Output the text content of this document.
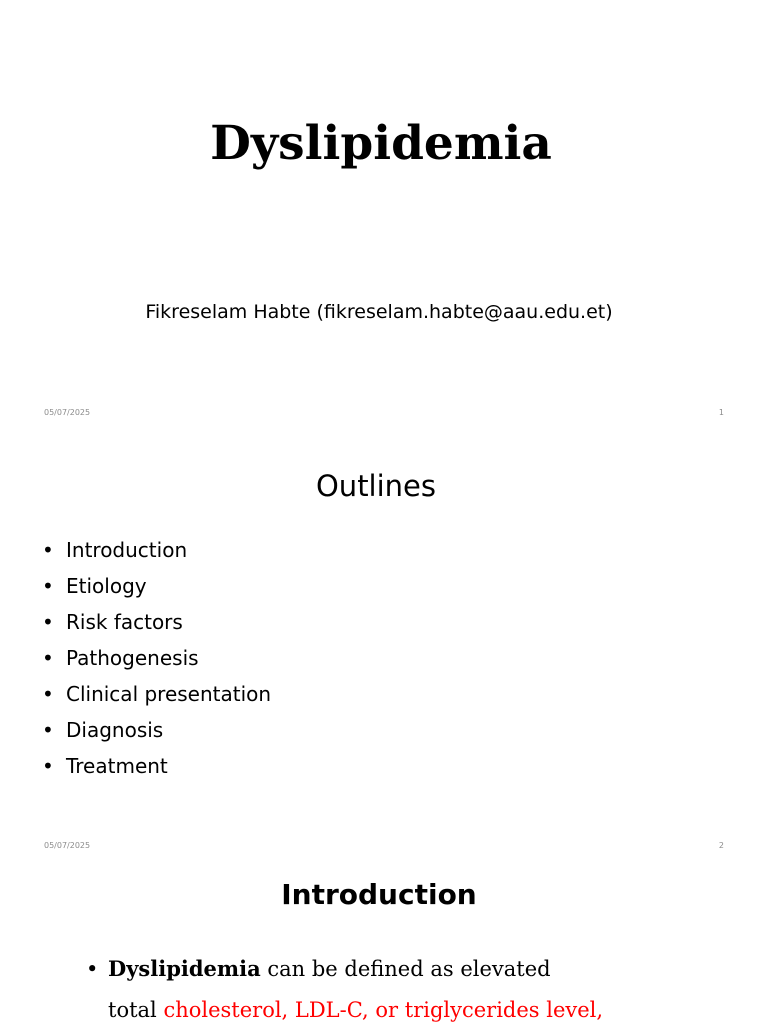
Dyslipidemia
Fikreselam Habte (fikreselam.habte@aau.edu.et)
05/07/2025	1
Outlines
• Introduction
• Etiology
• Risk factors
• Pathogenesis
• Clinical presentation
• Diagnosis
• Treatment
05/07/2025	2
Introduction
• Dyslipidemia can be defined as elevated
total cholesterol, LDL-C, or triglycerides level,
